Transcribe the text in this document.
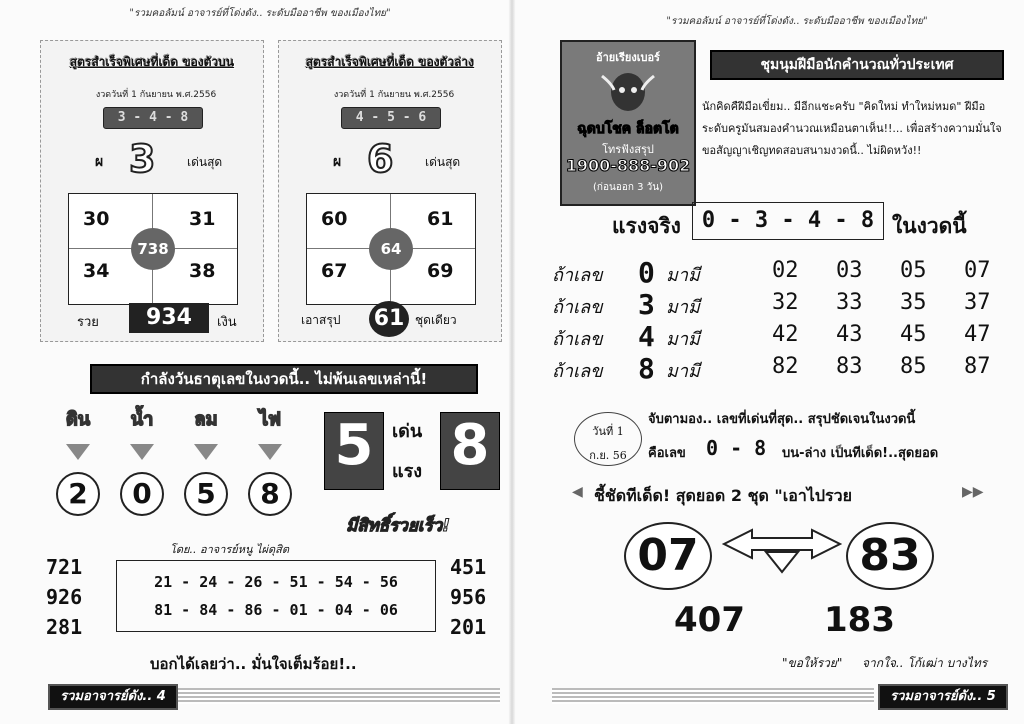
"รวมคอลัมน์ อาจารย์ที่โด่งดัง.. ระดับมืออาชีพ ของเมืองไทย"
สูตรสำเร็จพิเศษที่เด็ด ของตัวบน
งวดวันที่ 1 กันยายน พ.ศ.2556
3 - 4 - 8
ผ 3	เด่นสุด
30	31
34	38
738
รวย	934	เงิน
สูตรสำเร็จพิเศษที่เด็ด ของตัวล่าง
งวดวันที่ 1 กันยายน พ.ศ.2556
4 - 5 - 6
ผ 6	เด่นสุด
60	61
67	69
64
เอาสรุป 61 ชุดเดียว
กำลังวันธาตุเลขในงวดนี้.. ไม่พ้นเลขเหล่านี้!
ดิน	น้ำ	ลม	ไฟ
2	0	5	8
5	เด่น
แรง 8
มีสิทธิ์รวยเร็ว!
โดย.. อาจารย์หนู ไผ่ดุสิต
721
926
281
21 - 24 - 26 - 51 - 54 - 56
81 - 84 - 86 - 01 - 04 - 06
451
956
201
บอกได้เลยว่า.. มั่นใจเต็มร้อย!..
รวมอาจารย์ดัง.. 4
"รวมคอลัมน์ อาจารย์ที่โด่งดัง.. ระดับมืออาชีพ ของเมืองไทย"
อ้ายเรียงเบอร์
ฉุดบโชค ล็อตโต
โทรฟังสรุป
1900-888-902
(ก่อนออก 3 วัน)
ชุมนุมฝีมือนักคำนวณทั่วประเทศ
นักคิดคืฝีมือเขี่ยม.. มีอีกแชะครับ "คิดใหม่ ทำใหม่หมด" ฝีมือระดับครูมันสมองคำนวณเหมือนตาเห็น!!... เพื่อสร้างความมั่นใจ ขอสัญญาเชิญทดสอบสนามงวดนี้.. ไม่ผิดหวัง!!
แรงจริง 0 - 3 - 4 - 8 ในงวดนี้
ถ้าเลข 0 มามี	02 03 05 07
ถ้าเลข 3 มามี	32 33 35 37
ถ้าเลข 4 มามี	42 43 45 47
ถ้าเลข 8 มามี	82 83 85 87
วันที่ 1
ก.ย. 56
จับตามอง.. เลขที่เด่นที่สุด.. สรุปชัดเจนในงวดนี้
คือเลข 0 - 8 บน-ล่าง เป็นทีเด็ด!..สุดยอด
◀ ชี้ชัดทีเด็ด! สุดยอด 2 ชุด "เอาไปรวย	▶▶
07	83
407 183
"ขอให้รวย" จากใจ.. โก้เฒ่า บางไทร
รวมอาจารย์ดัง.. 5
